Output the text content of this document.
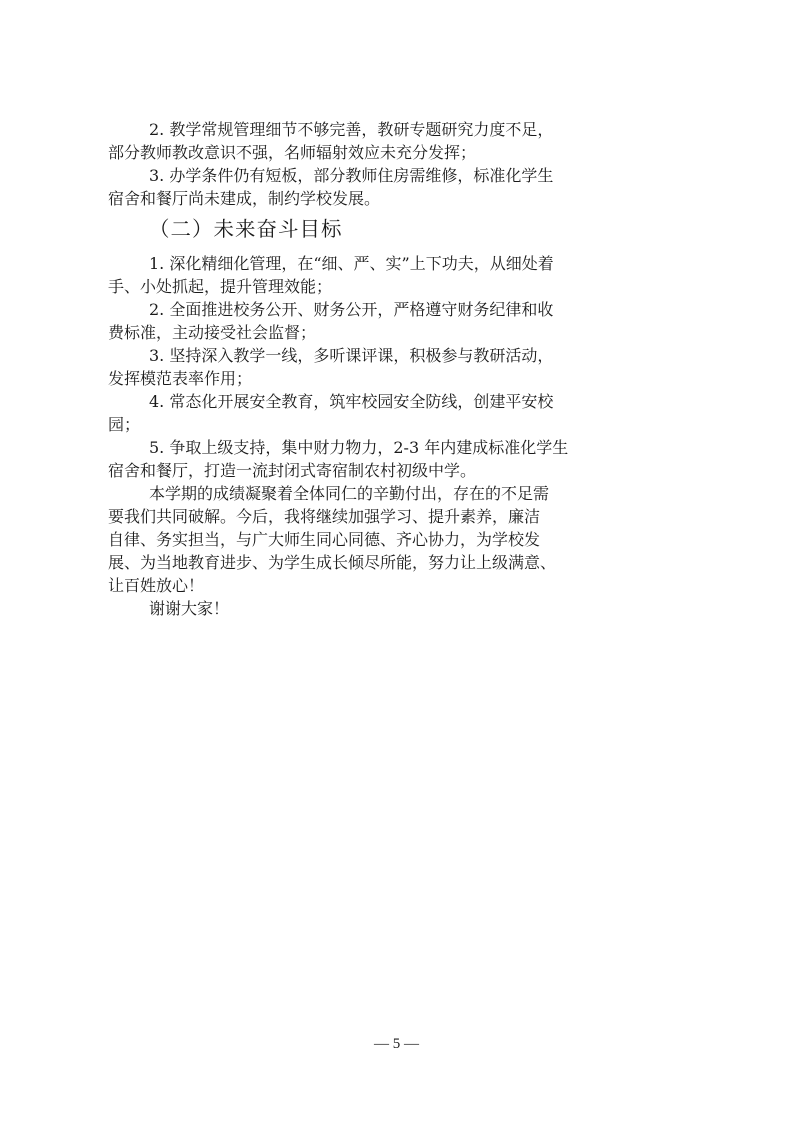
2. 教学常规管理细节不够完善，教研专题研究力度不足，
部分教师教改意识不强，名师辐射效应未充分发挥；
3. 办学条件仍有短板，部分教师住房需维修，标准化学生
宿舍和餐厅尚未建成，制约学校发展。
（二）未来奋斗目标
1. 深化精细化管理，在“细、严、实”上下功夫，从细处着
手、小处抓起，提升管理效能；
2. 全面推进校务公开、财务公开，严格遵守财务纪律和收
费标准，主动接受社会监督；
3. 坚持深入教学一线，多听课评课，积极参与教研活动，
发挥模范表率作用；
4. 常态化开展安全教育，筑牢校园安全防线，创建平安校
园；
5. 争取上级支持，集中财力物力，2-3 年内建成标准化学生
宿舍和餐厅，打造一流封闭式寄宿制农村初级中学。
本学期的成绩凝聚着全体同仁的辛勤付出，存在的不足需
要我们共同破解。今后，我将继续加强学习、提升素养，廉洁
自律、务实担当，与广大师生同心同德、齐心协力，为学校发
展、为当地教育进步、为学生成长倾尽所能，努力让上级满意、
让百姓放心！
谢谢大家！
— 5 —
